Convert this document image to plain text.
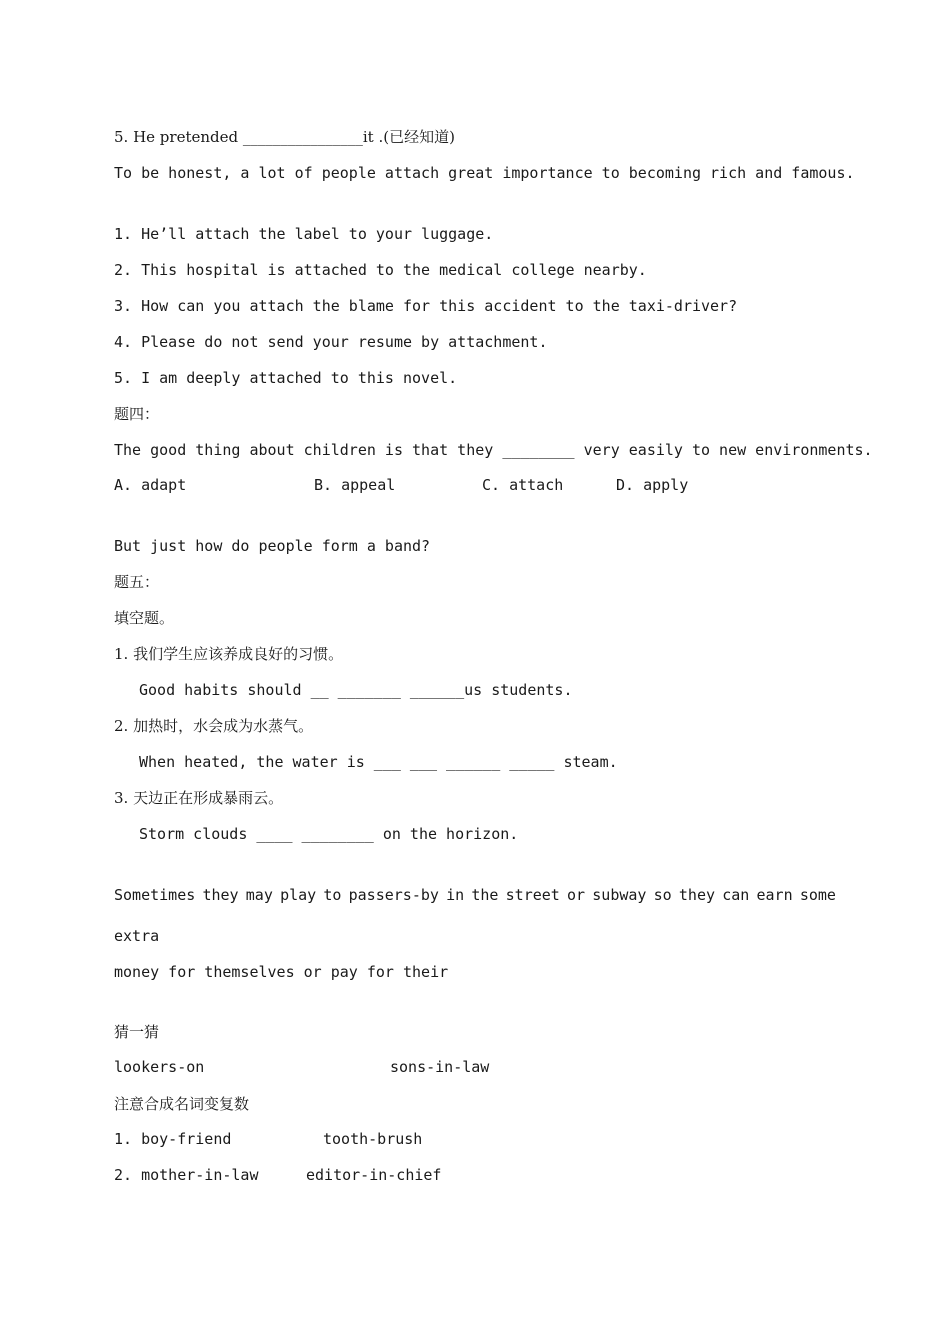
5. He pretended ________________it .(已经知道)
To be honest, a lot of people attach great importance to becoming rich and famous.
1. He’ll attach the label to your luggage.
2. This hospital is attached to the medical college nearby.
3. How can you attach the blame for this accident to the taxi-driver?
4. Please do not send your resume by attachment.
5. I am deeply attached to this novel.
题四：
The good thing about children is that they ________ very easily to new environments.
A. adapt	B. appeal	C. attach	D. apply
But just how do people form a band?
题五：
填空题。
1. 我们学生应该养成良好的习惯。
Good habits should __ _______ ______us students.
2. 加热时，水会成为水蒸气。
When heated, the water is ___ ___ ______ _____ steam.
3. 天边正在形成暴雨云。
Storm clouds ____ ________ on the horizon.
Sometimes they may play to passers-by in the street or subway so they can earn some
extra
money for themselves or pay for their
猜一猜
lookers-on	sons-in-law
注意合成名词变复数
1. boy-friend	tooth-brush
2. mother-in-law	editor-in-chief
